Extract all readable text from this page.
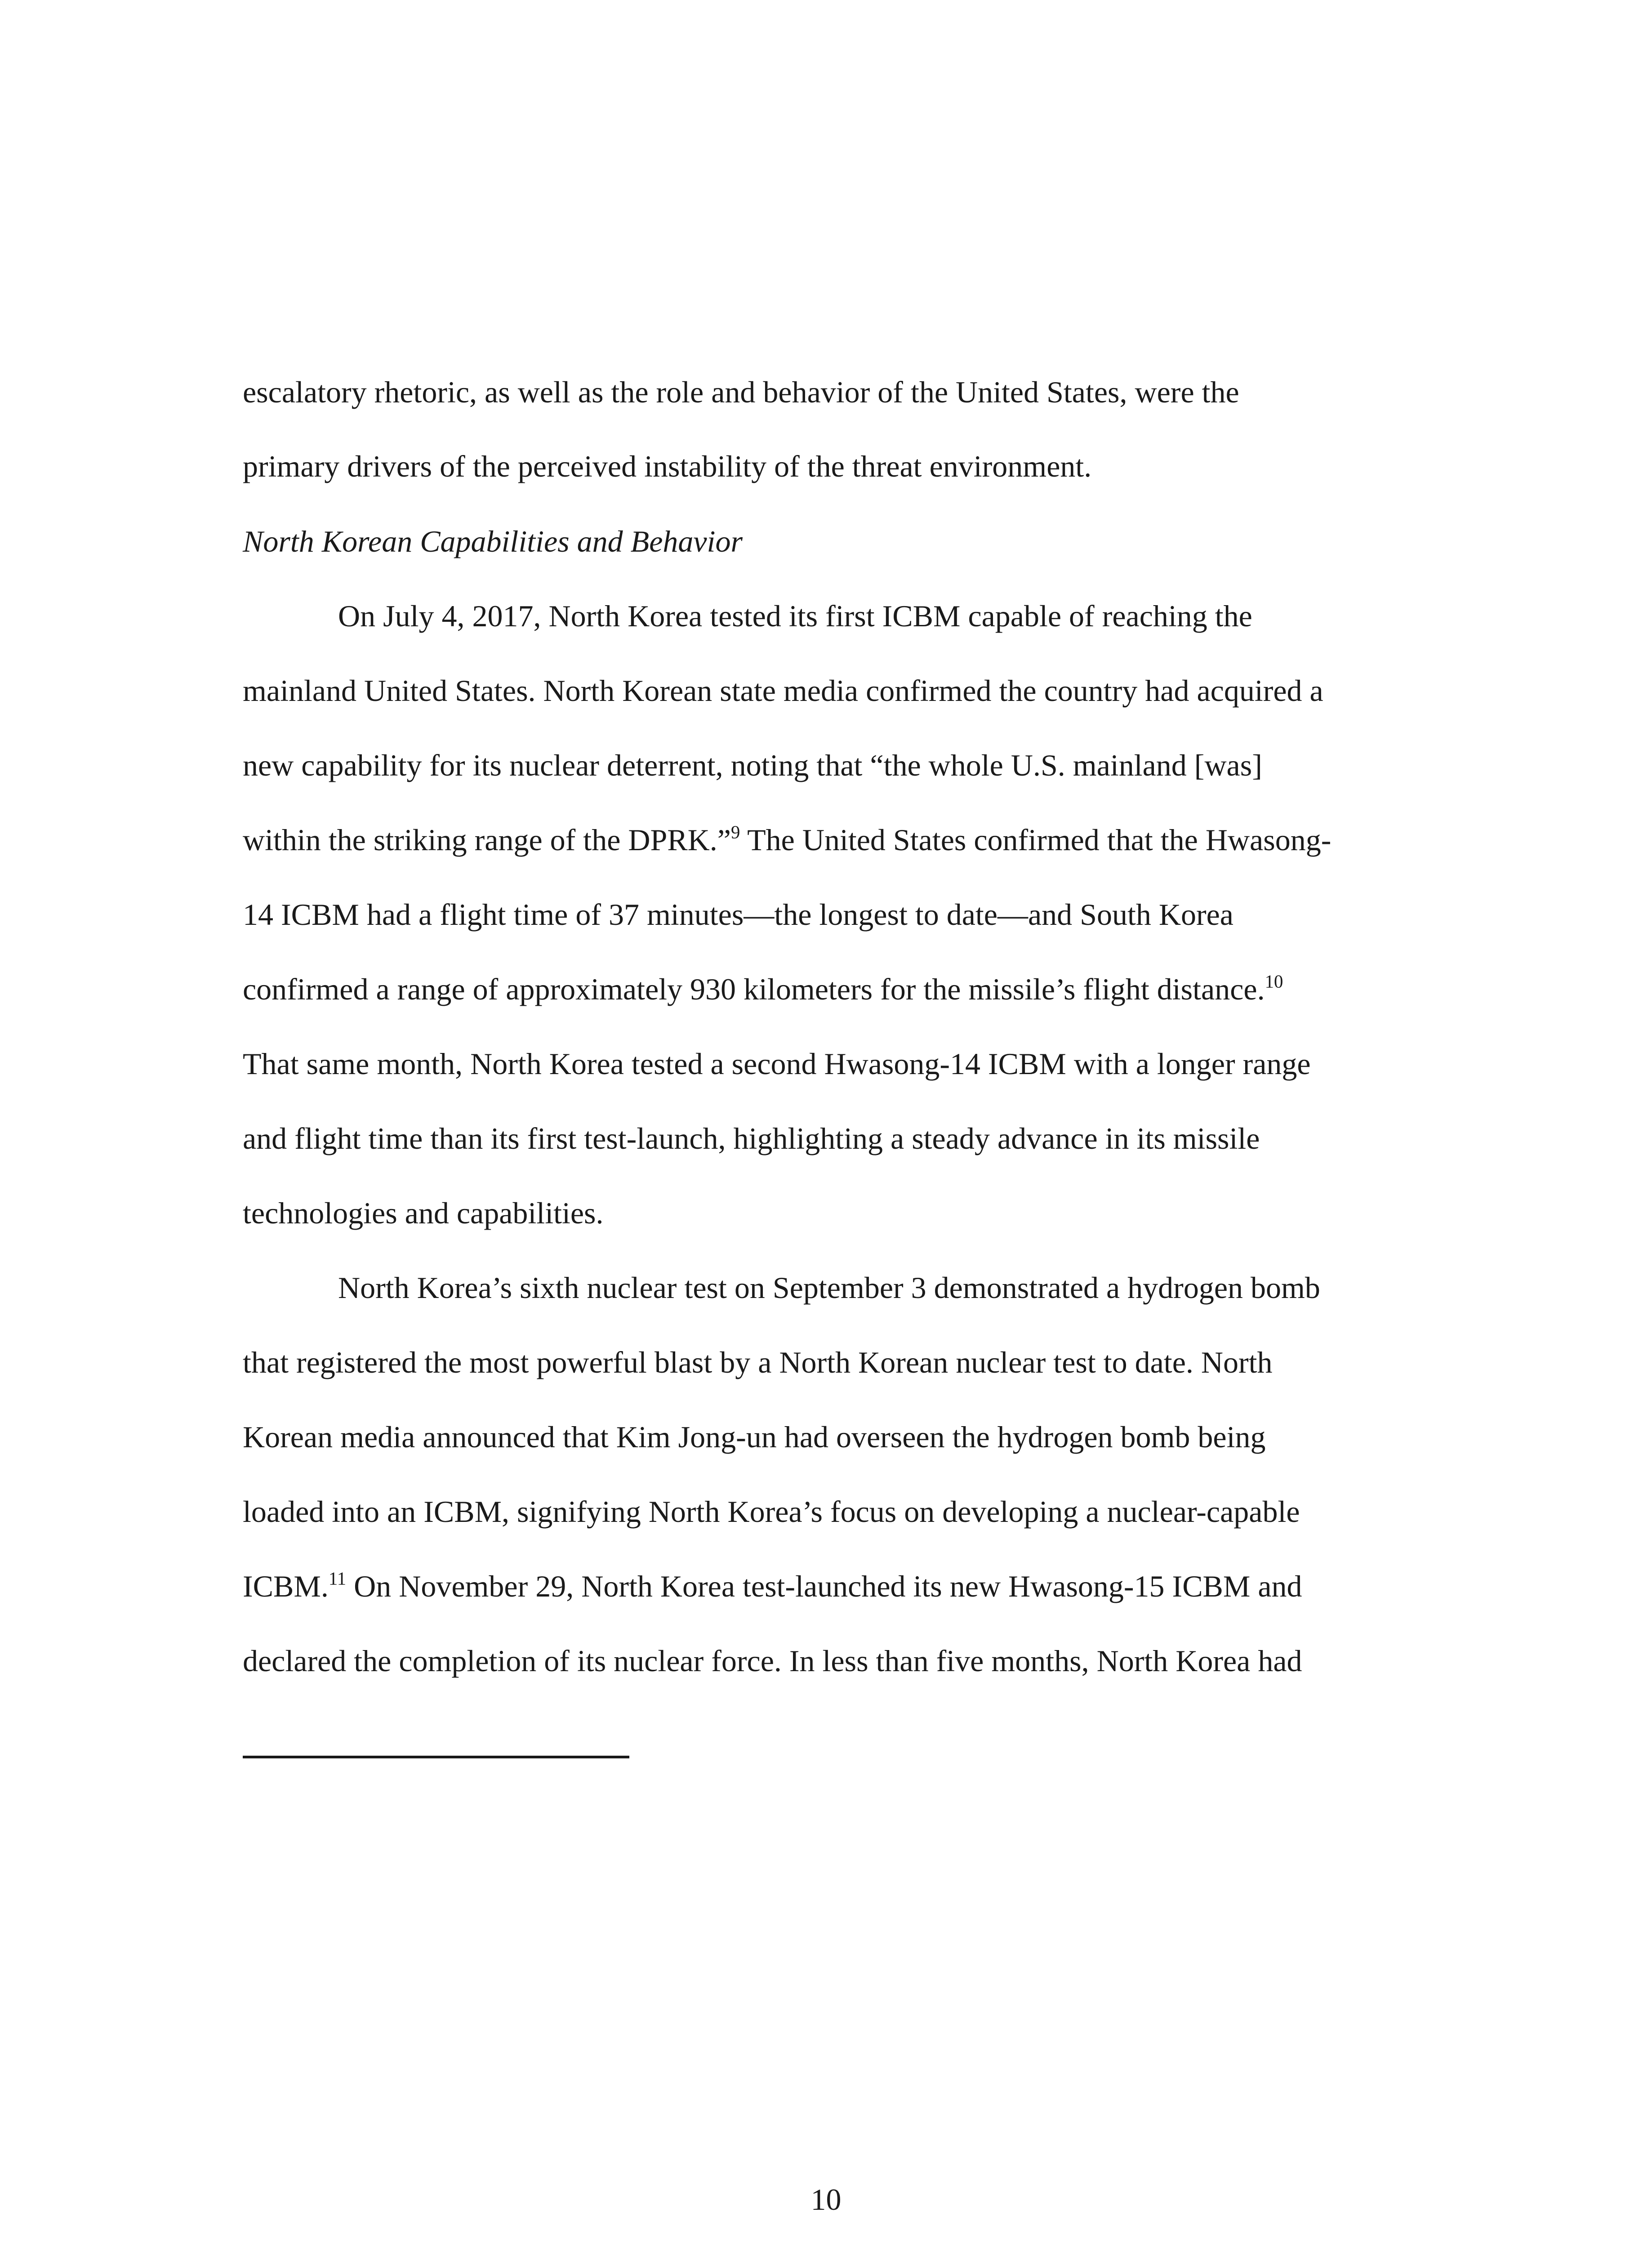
escalatory rhetoric, as well as the role and behavior of the United States, were the

primary drivers of the perceived instability of the threat environment.

North Korean Capabilities and Behavior

On July 4, 2017, North Korea tested its first ICBM capable of reaching the

mainland United States. North Korean state media confirmed the country had acquired a

new capability for its nuclear deterrent, noting that “the whole U.S. mainland [was]

within the striking range of the DPRK.”$^9$ The United States confirmed that the Hwasong-

14 ICBM had a flight time of 37 minutes—the longest to date—and South Korea

confirmed a range of approximately 930 kilometers for the missile’s flight distance.$^{10}$

That same month, North Korea tested a second Hwasong-14 ICBM with a longer range

and flight time than its first test-launch, highlighting a steady advance in its missile

technologies and capabilities.

North Korea’s sixth nuclear test on September 3 demonstrated a hydrogen bomb

that registered the most powerful blast by a North Korean nuclear test to date. North

Korean media announced that Kim Jong-un had overseen the hydrogen bomb being

loaded into an ICBM, signifying North Korea’s focus on developing a nuclear-capable

ICBM.$^{11}$ On November 29, North Korea test-launched its new Hwasong-15 ICBM and

declared the completion of its nuclear force. In less than five months, North Korea had

10
